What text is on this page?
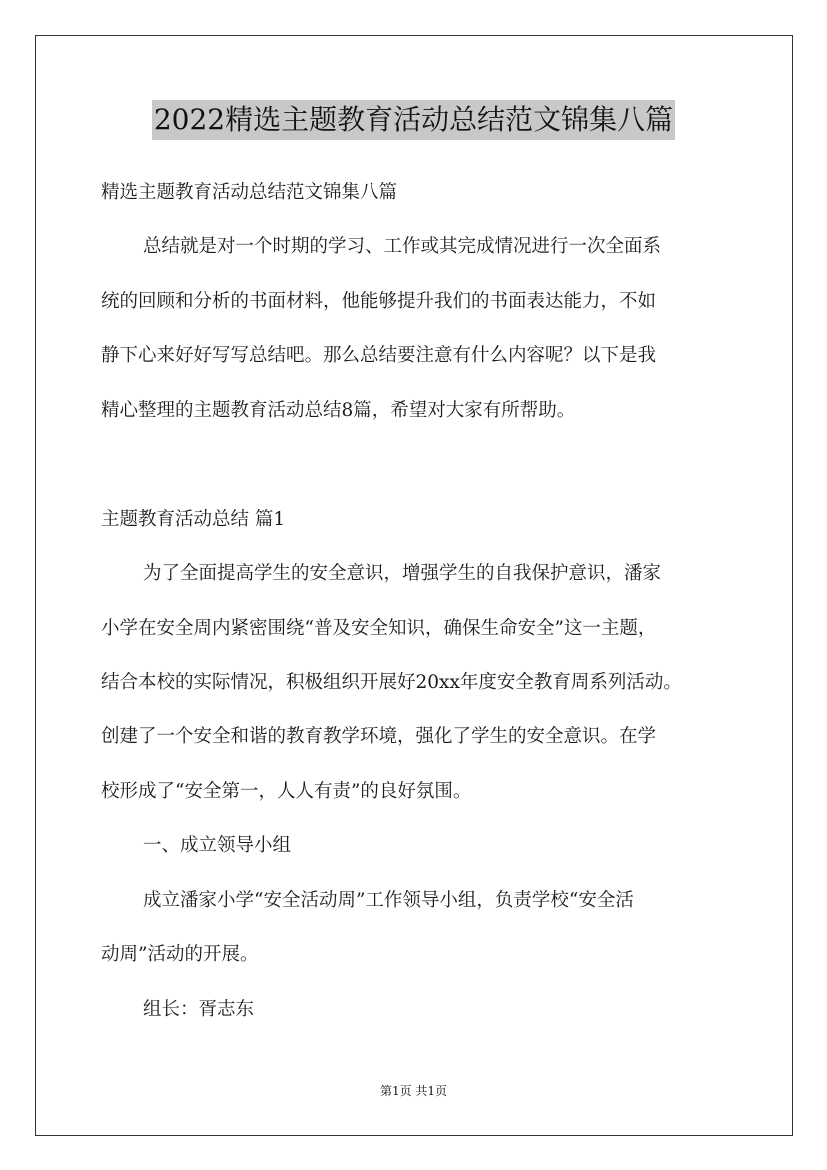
2022精选主题教育活动总结范文锦集八篇
精选主题教育活动总结范文锦集八篇
总结就是对一个时期的学习、工作或其完成情况进行一次全面系
统的回顾和分析的书面材料，他能够提升我们的书面表达能力，不如
静下心来好好写写总结吧。那么总结要注意有什么内容呢？以下是我
精心整理的主题教育活动总结8篇，希望对大家有所帮助。
主题教育活动总结 篇1
为了全面提高学生的安全意识，增强学生的自我保护意识，潘家
小学在安全周内紧密围绕“普及安全知识，确保生命安全”这一主题，
结合本校的实际情况，积极组织开展好20xx年度安全教育周系列活动。
创建了一个安全和谐的教育教学环境，强化了学生的安全意识。在学
校形成了“安全第一，人人有责”的良好氛围。
一、成立领导小组
成立潘家小学“安全活动周”工作领导小组，负责学校“安全活
动周”活动的开展。
组长：胥志东
第1页 共1页
